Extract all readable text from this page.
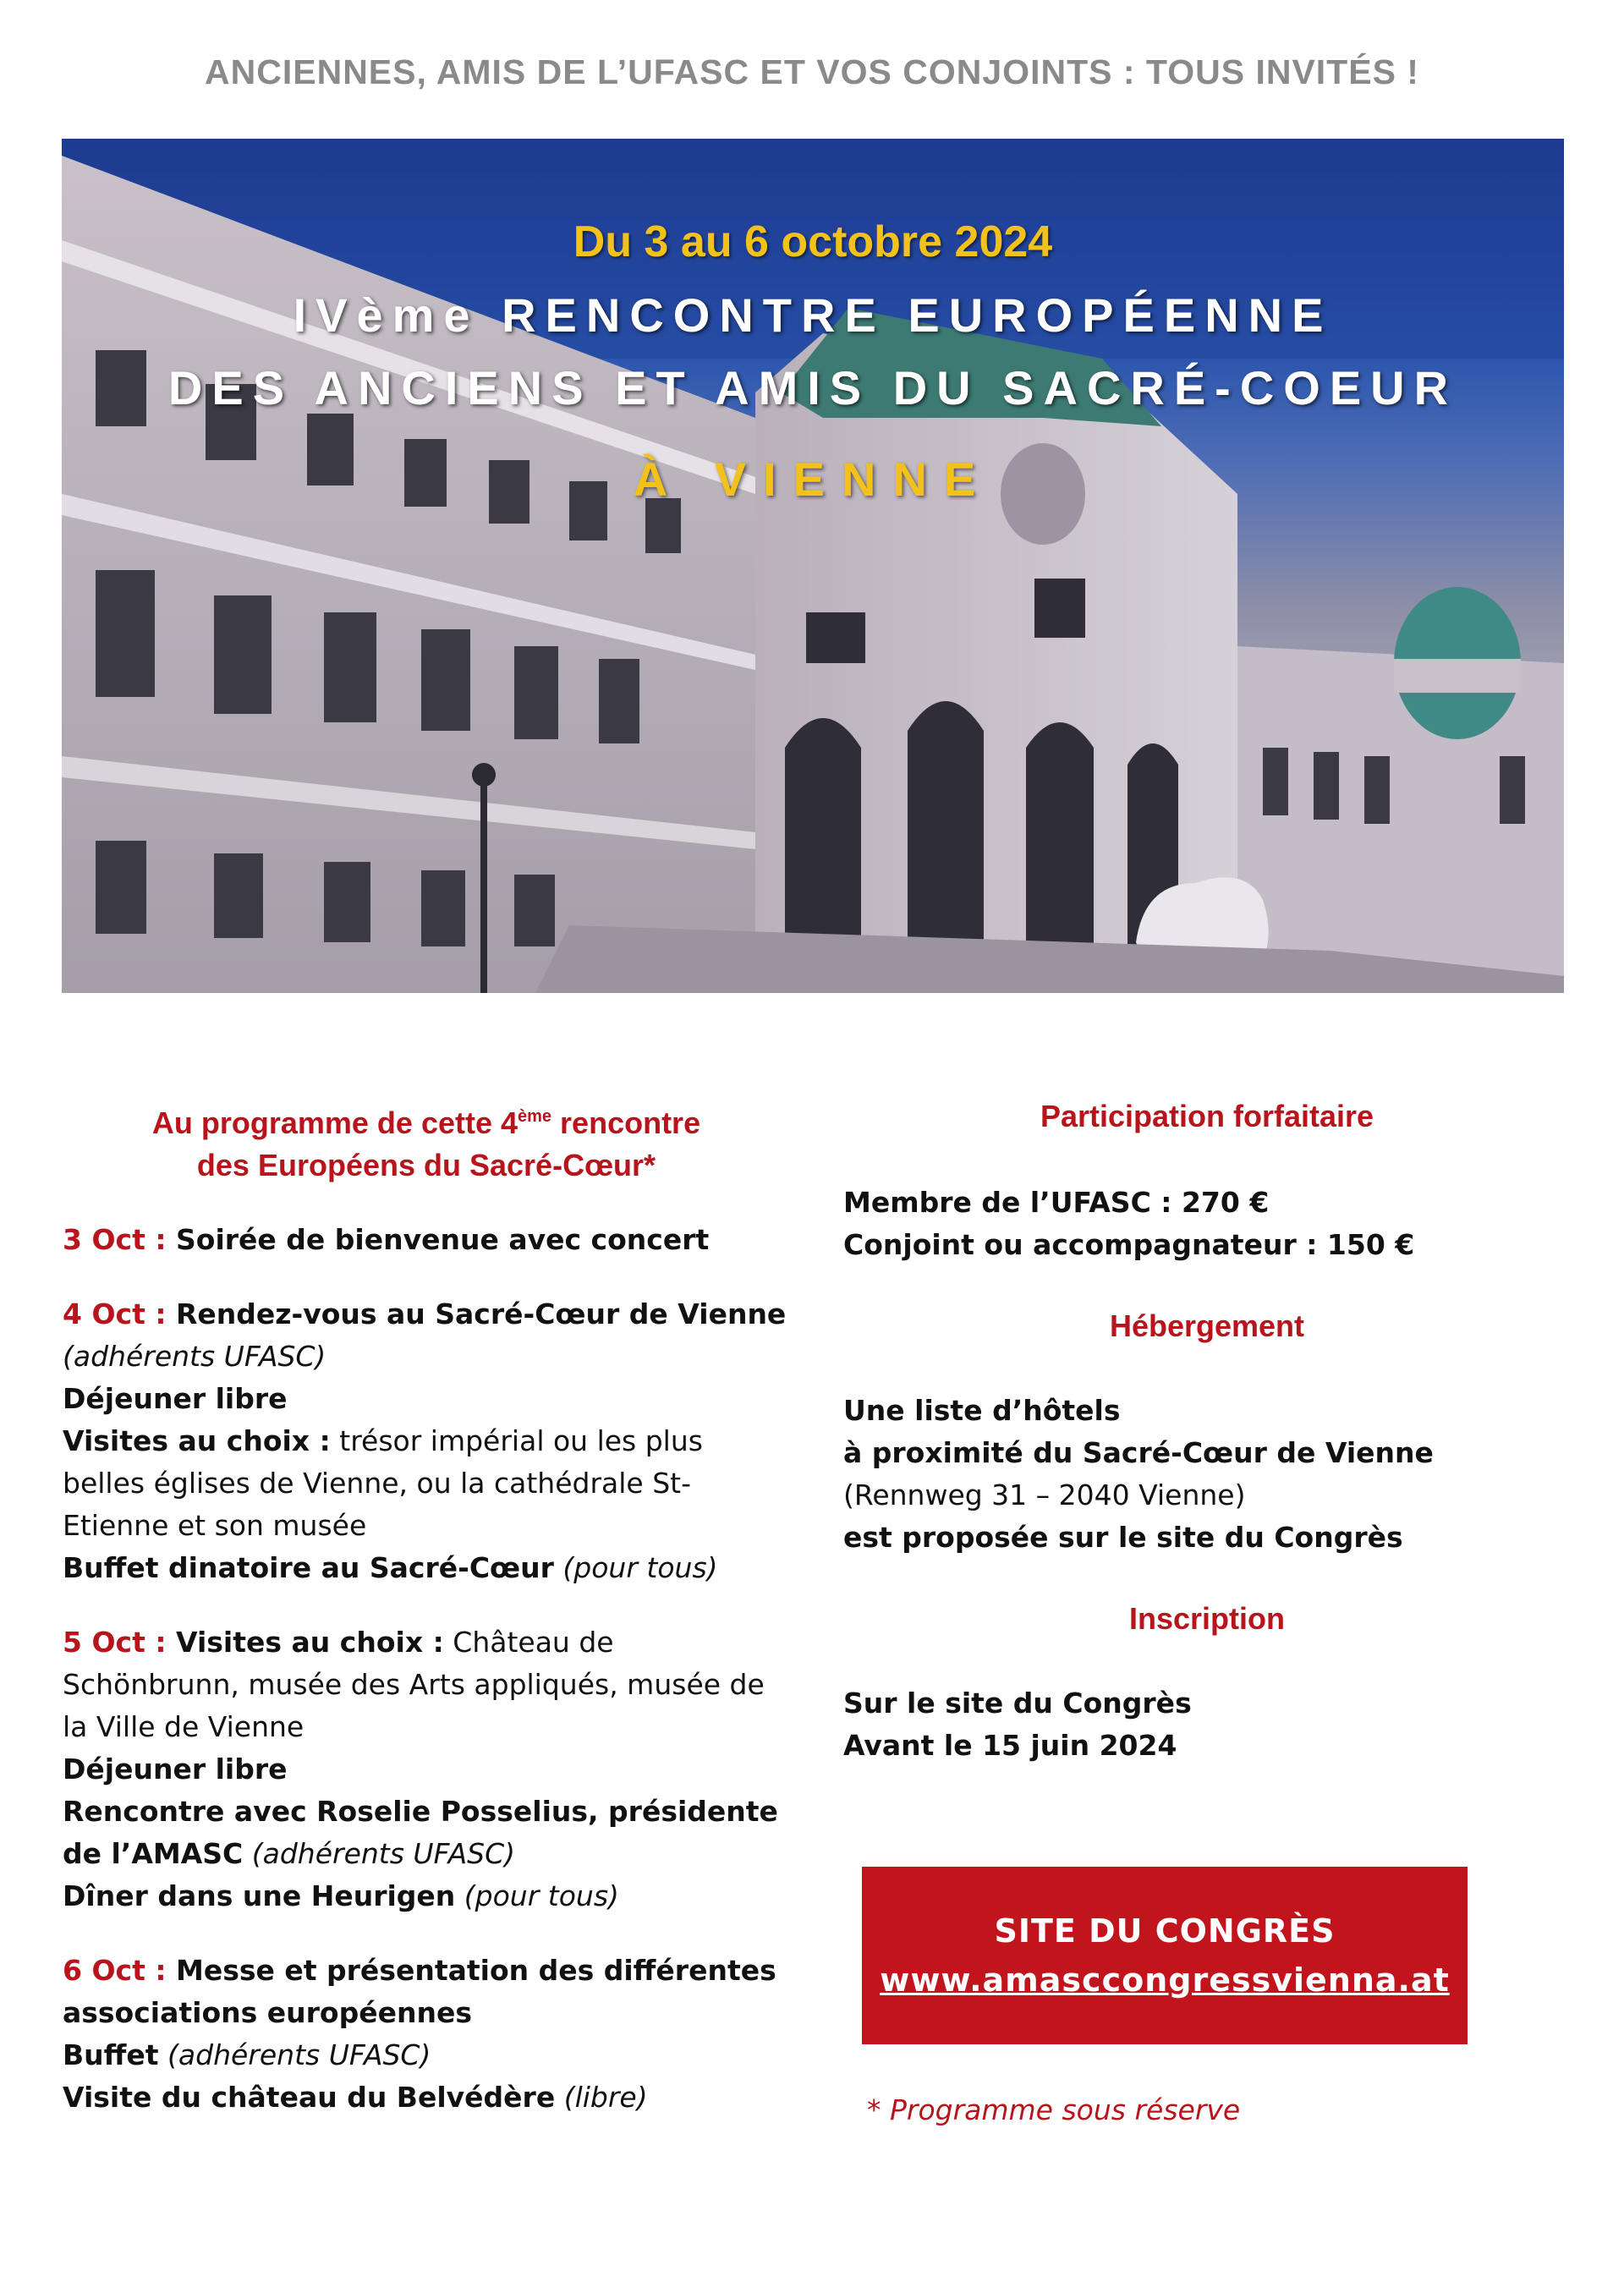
ANCIENNES, AMIS DE L’UFASC ET VOS CONJOINTS : TOUS INVITÉS !
Du 3 au 6 octobre 2024
IVème RENCONTRE EUROPÉENNE
DES ANCIENS ET AMIS DU SACRÉ-COEUR
À VIENNE
Au programme de cette 4ème rencontre
des Européens du Sacré-Cœur*
3 Oct : Soirée de bienvenue avec concert
4 Oct : Rendez-vous au Sacré-Cœur de Vienne
(adhérents UFASC)
Déjeuner libre
Visites au choix : trésor impérial ou les plus belles églises de Vienne, ou la cathédrale St-Etienne et son musée
Buffet dinatoire au Sacré-Cœur (pour tous)
5 Oct : Visites au choix : Château de Schönbrunn, musée des Arts appliqués, musée de la Ville de Vienne
Déjeuner libre
Rencontre avec Roselie Posselius, présidente de l’AMASC (adhérents UFASC)
Dîner dans une Heurigen (pour tous)
6 Oct : Messe et présentation des différentes associations européennes
Buffet (adhérents UFASC)
Visite du château du Belvédère (libre)
Participation forfaitaire
Membre de l’UFASC : 270 €
Conjoint ou accompagnateur : 150 €
Hébergement
Une liste d’hôtels
à proximité du Sacré-Cœur de Vienne
(Rennweg 31 – 2040 Vienne)
est proposée sur le site du Congrès
Inscription
Sur le site du Congrès
Avant le 15 juin 2024
SITE DU CONGRÈS
www.amasccongressvienna.at
* Programme sous réserve
